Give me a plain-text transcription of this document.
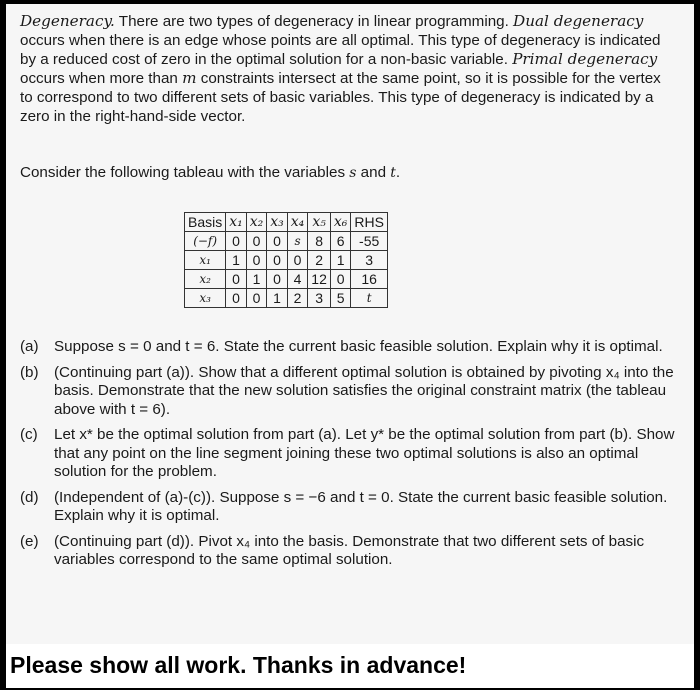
Degeneracy. There are two types of degeneracy in linear programming. Dual degeneracy occurs when there is an edge whose points are all optimal. This type of degeneracy is indicated by a reduced cost of zero in the optimal solution for a non-basic variable. Primal degeneracy occurs when more than m constraints intersect at the same point, so it is possible for the vertex to correspond to two different sets of basic variables. This type of degeneracy is indicated by a zero in the right-hand-side vector.
Consider the following tableau with the variables s and t.
Basis	x₁	x₂	x₃	x₄	x₅	x₆	RHS
(−f)	0	0	0	s	8	6	-55
x₁	1	0	0	0	2	1	3
x₂	0	1	0	4	12	0	16
x₃	0	0	1	2	3	5	t
(a)	Suppose s = 0 and t = 6. State the current basic feasible solution. Explain why it is optimal.
(b)	(Continuing part (a)). Show that a different optimal solution is obtained by pivoting x₄ into the basis. Demonstrate that the new solution satisfies the original constraint matrix (the tableau above with t = 6).
(c)	Let x* be the optimal solution from part (a). Let y* be the optimal solution from part (b). Show that any point on the line segment joining these two optimal solutions is also an optimal solution for the problem.
(d)	(Independent of (a)-(c)). Suppose s = −6 and t = 0. State the current basic feasible solution. Explain why it is optimal.
(e)	(Continuing part (d)). Pivot x₄ into the basis. Demonstrate that two different sets of basic variables correspond to the same optimal solution.
Please show all work. Thanks in advance!
